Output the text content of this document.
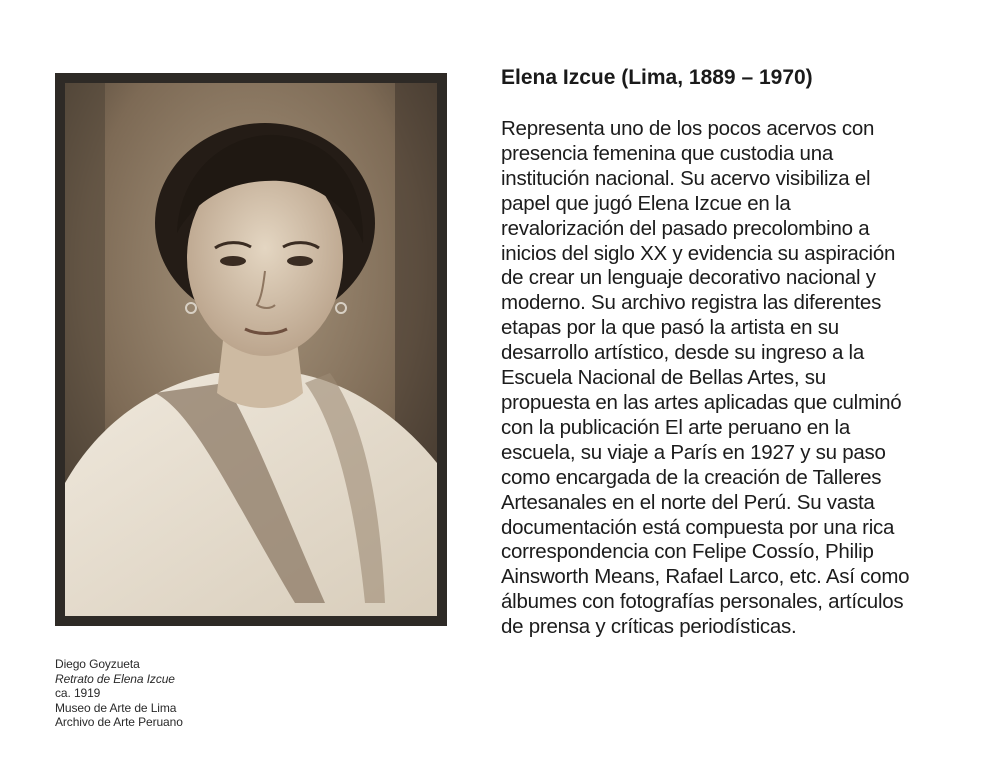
Diego Goyzueta
Retrato de Elena Izcue
ca. 1919
Museo de Arte de Lima
Archivo de Arte Peruano
Elena Izcue (Lima, 1889 – 1970)
Representa uno de los pocos acervos con
presencia femenina que custodia una
institución nacional. Su acervo visibiliza el
papel que jugó Elena Izcue en la
revalorización del pasado precolombino a
inicios del siglo XX y evidencia su aspiración
de crear un lenguaje decorativo nacional y
moderno. Su archivo registra las diferentes
etapas por la que pasó la artista en su
desarrollo artístico, desde su ingreso a la
Escuela Nacional de Bellas Artes, su
propuesta en las artes aplicadas que culminó
con la publicación El arte peruano en la
escuela, su viaje a París en 1927 y su paso
como encargada de la creación de Talleres
Artesanales en el norte del Perú. Su vasta
documentación está compuesta por una rica
correspondencia con Felipe Cossío, Philip
Ainsworth Means, Rafael Larco, etc. Así como
álbumes con fotografías personales, artículos
de prensa y críticas periodísticas.
